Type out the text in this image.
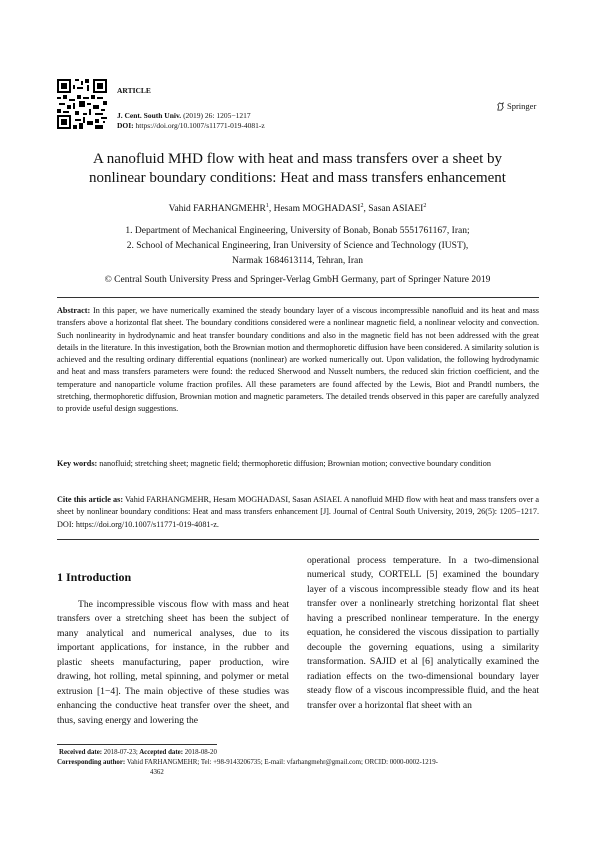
ARTICLE
J. Cent. South Univ. (2019) 26: 1205−1217
DOI: https://doi.org/10.1007/s11771-019-4081-z
Springer
A nanofluid MHD flow with heat and mass transfers over a sheet by
nonlinear boundary conditions: Heat and mass transfers enhancement
Vahid FARHANGMEHR$^1$, Hesam MOGHADASI$^2$, Sasan ASIAEI$^2$
1. Department of Mechanical Engineering, University of Bonab, Bonab 5551761167, Iran;
2. School of Mechanical Engineering, Iran University of Science and Technology (IUST),
Narmak 1684613114, Tehran, Iran
© Central South University Press and Springer-Verlag GmbH Germany, part of Springer Nature 2019
Abstract: In this paper, we have numerically examined the steady boundary layer of a viscous incompressible nanofluid and its heat and mass transfers above a horizontal flat sheet. The boundary conditions considered were a nonlinear magnetic field, a nonlinear velocity and convection. Such nonlinearity in hydrodynamic and heat transfer boundary conditions and also in the magnetic field has not been addressed with the great details in the literature. In this investigation, both the Brownian motion and thermophoretic diffusion have been considered. A similarity solution is achieved and the resulting ordinary differential equations (nonlinear) are worked numerically out. Upon validation, the following hydrodynamic and heat and mass transfers parameters were found: the reduced Sherwood and Nusselt numbers, the reduced skin friction coefficient, and the temperature and nanoparticle volume fraction profiles. All these parameters are found affected by the Lewis, Biot and Prandtl numbers, the stretching, thermophoretic diffusion, Brownian motion and magnetic parameters. The detailed trends observed in this paper are carefully analyzed to provide useful design suggestions.
Key words: nanofluid; stretching sheet; magnetic field; thermophoretic diffusion; Brownian motion; convective boundary condition
Cite this article as: Vahid FARHANGMEHR, Hesam MOGHADASI, Sasan ASIAEI. A nanofluid MHD flow with heat and mass transfers over a sheet by nonlinear boundary conditions: Heat and mass transfers enhancement [J]. Journal of Central South University, 2019, 26(5): 1205−1217. DOI: https://doi.org/10.1007/s11771-019-4081-z.
1 Introduction
The incompressible viscous flow with mass and heat transfers over a stretching sheet has been the subject of many analytical and numerical analyses, due to its important applications, for instance, in the rubber and plastic sheets manufacturing, paper production, wire drawing, hot rolling, metal spinning, and polymer or metal extrusion [1−4]. The main objective of these studies was enhancing the conductive heat transfer over the sheet, and thus, saving energy and lowering the
operational process temperature. In a two-dimensional numerical study, CORTELL [5] examined the boundary layer of a viscous incompressible steady flow and its heat transfer over a nonlinearly stretching horizontal flat sheet having a prescribed nonlinear temperature. In the energy equation, he considered the viscous dissipation to partially decouple the governing equations, using a similarity transformation. SAJID et al [6] analytically examined the radiation effects on the two-dimensional boundary layer steady flow of a viscous incompressible fluid, and the heat transfer over a horizontal flat sheet with an
Received date: 2018-07-23; Accepted date: 2018-08-20
Corresponding author: Vahid FARHANGMEHR; Tel: +98-9143206735; E-mail: vfarhangmehr@gmail.com; ORCID: 0000-0002-1219-
4362
